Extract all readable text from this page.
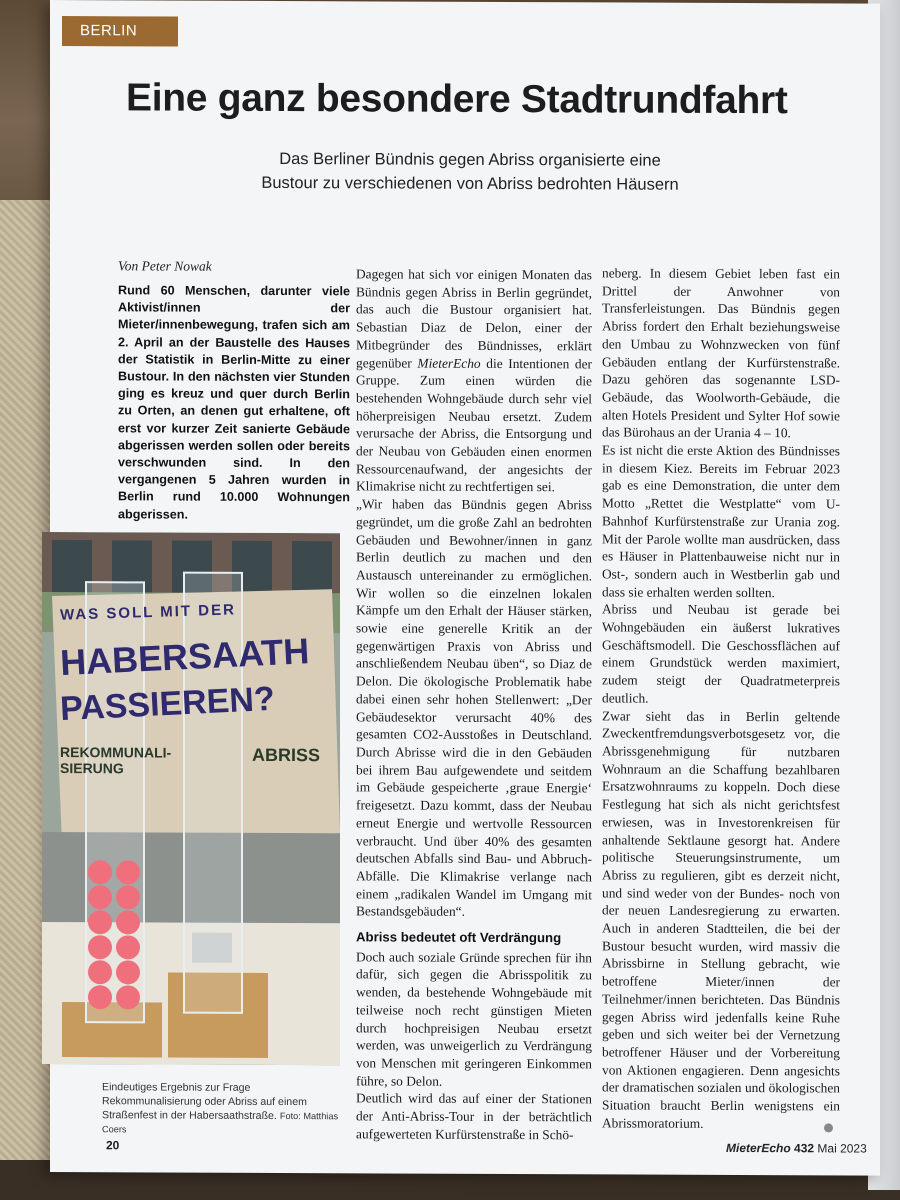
BERLIN
Eine ganz besondere Stadtrundfahrt
Das Berliner Bündnis gegen Abriss organisierte eine
Bustour zu verschiedenen von Abriss bedrohten Häusern
Von Peter Nowak
Rund 60 Menschen, darunter viele Aktivist/innen der Mieter/innenbewegung, trafen sich am 2. April an der Baustelle des Hauses der Statistik in Berlin-Mitte zu einer Bustour. In den nächsten vier Stunden ging es kreuz und quer durch Berlin zu Orten, an denen gut erhaltene, oft erst vor kurzer Zeit sanierte Gebäude abgerissen werden sollen oder bereits verschwunden sind. In den vergangenen 5 Jahren wurden in Berlin rund 10.000 Wohnungen abgerissen.
WAS SOLL MIT DER
HABERSAATH
PASSIEREN?
REKOMMUNALI-
SIERUNG
ABRISS
Eindeutiges Ergebnis zur Frage Rekommunalisierung oder Abriss auf einem Straßenfest in der Habersaathstraße. Foto: Matthias Coers

Dagegen hat sich vor einigen Monaten das Bündnis gegen Abriss in Berlin gegründet, das auch die Bustour organisiert hat. Sebastian Diaz de Delon, einer der Mitbegründer des Bündnisses, erklärt gegenüber MieterEcho die Intentionen der Gruppe. Zum einen würden die bestehenden Wohngebäude durch sehr viel höherpreisigen Neubau ersetzt. Zudem verursache der Abriss, die Entsorgung und der Neubau von Gebäuden einen enormen Ressourcenaufwand, der angesichts der Klimakrise nicht zu rechtfertigen sei.

„Wir haben das Bündnis gegen Abriss gegründet, um die große Zahl an bedrohten Gebäuden und Bewohner/innen in ganz Berlin deutlich zu machen und den Austausch untereinander zu ermöglichen. Wir wollen so die einzelnen lokalen Kämpfe um den Erhalt der Häuser stärken, sowie eine generelle Kritik an der gegenwärtigen Praxis von Abriss und anschließendem Neubau üben“, so Diaz de Delon. Die ökologische Problematik habe dabei einen sehr hohen Stellenwert: „Der Gebäudesektor verursacht 40% des gesamten CO2-Ausstoßes in Deutschland. Durch Abrisse wird die in den Gebäuden bei ihrem Bau aufgewendete und seitdem im Gebäude gespeicherte ‚graue Energie‘ freigesetzt. Dazu kommt, dass der Neubau erneut Energie und wertvolle Ressourcen verbraucht. Und über 40% des gesamten deutschen Abfalls sind Bau- und Abbruch-Abfälle. Die Klimakrise verlange nach einem „radikalen Wandel im Umgang mit Bestandsgebäuden“.

Abriss bedeutet oft Verdrängung

Doch auch soziale Gründe sprechen für ihn dafür, sich gegen die Abrisspolitik zu wenden, da bestehende Wohngebäude mit teilweise noch recht günstigen Mieten durch hochpreisigen Neubau ersetzt werden, was unweigerlich zu Verdrängung von Menschen mit geringeren Einkommen führe, so Delon.

Deutlich wird das auf einer der Stationen der Anti-Abriss-Tour in der beträchtlich aufgewerteten Kurfürstenstraße in Schö-

neberg. In diesem Gebiet leben fast ein Drittel der Anwohner von Transferleistungen. Das Bündnis gegen Abriss fordert den Erhalt beziehungsweise den Umbau zu Wohnzwecken von fünf Gebäuden entlang der Kurfürstenstraße. Dazu gehören das sogenannte LSD-Gebäude, das Woolworth-Gebäude, die alten Hotels President und Sylter Hof sowie das Bürohaus an der Urania 4 – 10.

Es ist nicht die erste Aktion des Bündnisses in diesem Kiez. Bereits im Februar 2023 gab es eine Demonstration, die unter dem Motto „Rettet die Westplatte“ vom U-Bahnhof Kurfürstenstraße zur Urania zog. Mit der Parole wollte man ausdrücken, dass es Häuser in Plattenbauweise nicht nur in Ost-, sondern auch in Westberlin gab und dass sie erhalten werden sollten.

Abriss und Neubau ist gerade bei Wohngebäuden ein äußerst lukratives Geschäftsmodell. Die Geschossflächen auf einem Grundstück werden maximiert, zudem steigt der Quadratmeterpreis deutlich.

Zwar sieht das in Berlin geltende Zweckentfremdungsverbotsgesetz vor, die Abrissgenehmigung für nutzbaren Wohnraum an die Schaffung bezahlbaren Ersatzwohnraums zu koppeln. Doch diese Festlegung hat sich als nicht gerichtsfest erwiesen, was in Investorenkreisen für anhaltende Sektlaune gesorgt hat. Andere politische Steuerungsinstrumente, um Abriss zu regulieren, gibt es derzeit nicht, und sind weder von der Bundes- noch von der neuen Landesregierung zu erwarten. Auch in anderen Stadtteilen, die bei der Bustour besucht wurden, wird massiv die Abrissbirne in Stellung gebracht, wie betroffene Mieter/innen der Teilnehmer/innen berichteten. Das Bündnis gegen Abriss wird jedenfalls keine Ruhe geben und sich weiter bei der Vernetzung betroffener Häuser und der Vorbereitung von Aktionen engagieren. Denn angesichts der dramatischen sozialen und ökologischen Situation braucht Berlin wenigstens ein Abrissmoratorium.

20	MieterEcho 432 Mai 2023
